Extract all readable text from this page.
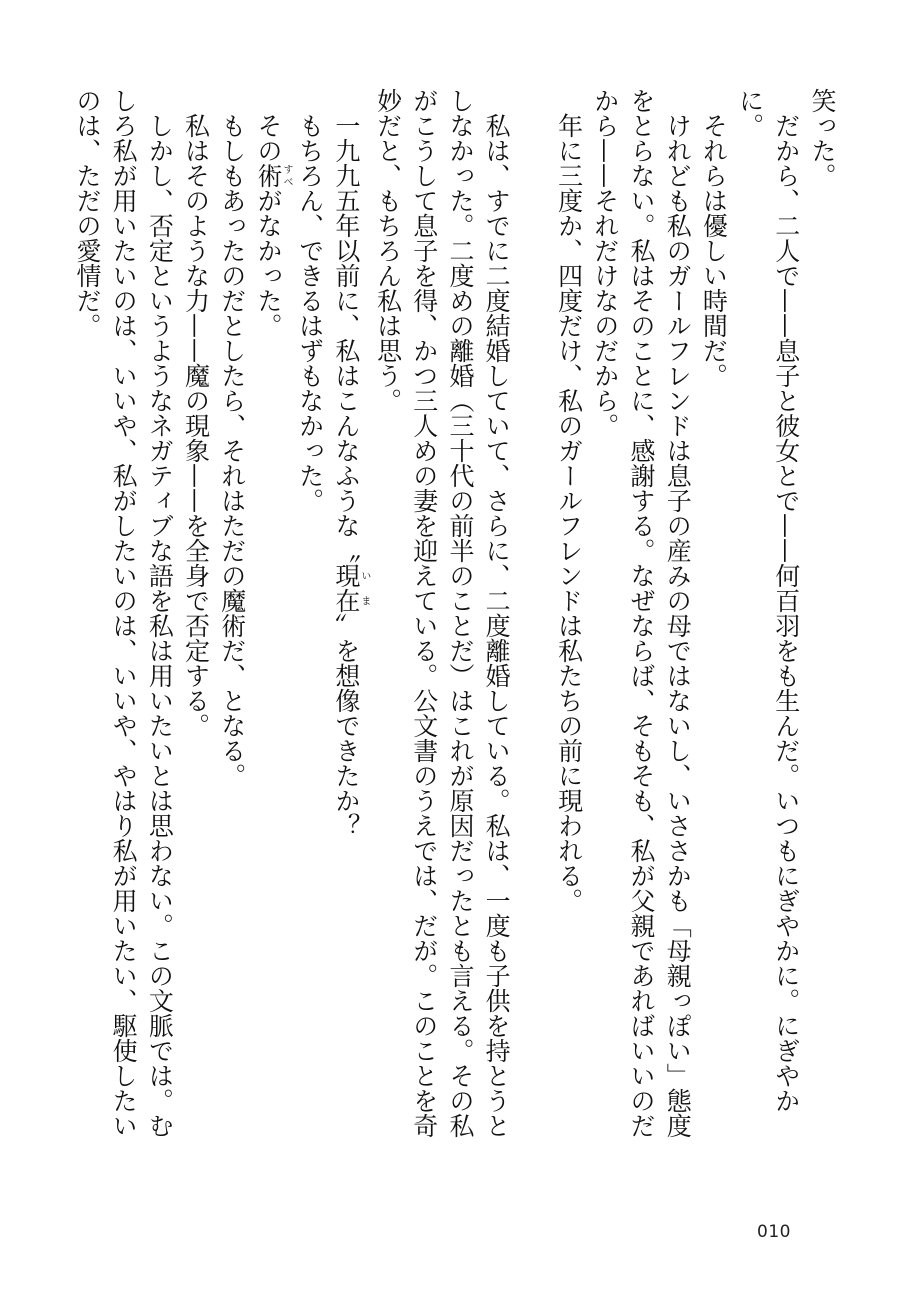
笑った。

だから、二人で——息子と彼女とで——何百羽をも生んだ。いつもにぎやかに。にぎやかに。

それらは優しい時間だ。

けれども私のガールフレンドは息子の産みの母ではないし、いささかも「母親っぽい」態度をとらない。私はそのことに、感謝する。なぜならば、そもそも、私が父親であればいいのだから——それだけなのだから。

年に三度か、四度だけ、私のガールフレンドは私たちの前に現われる。

私は、すでに二度結婚していて、さらに、二度離婚している。私は、一度も子供を持とうとしなかった。二度めの離婚（三十代の前半のことだ）はこれが原因だったとも言える。その私がこうして息子を得、かつ三人めの妻を迎えている。公文書のうえでは、だが。このことを奇妙だと、もちろん私は思う。

一九九五年以前に、私はこんなふうな〝現在いま〟を想像できたか？

もちろん、できるはずもなかった。

その術すべがなかった。

もしもあったのだとしたら、それはただの魔術だ、となる。

私はそのような力——魔の現象——を全身で否定する。

しかし、否定というようなネガティブな語を私は用いたいとは思わない。この文脈では。むしろ私が用いたいのは、いいや、私がしたいのは、いいや、やはり私が用いたい、駆使したいのは、ただの愛情だ。

010
